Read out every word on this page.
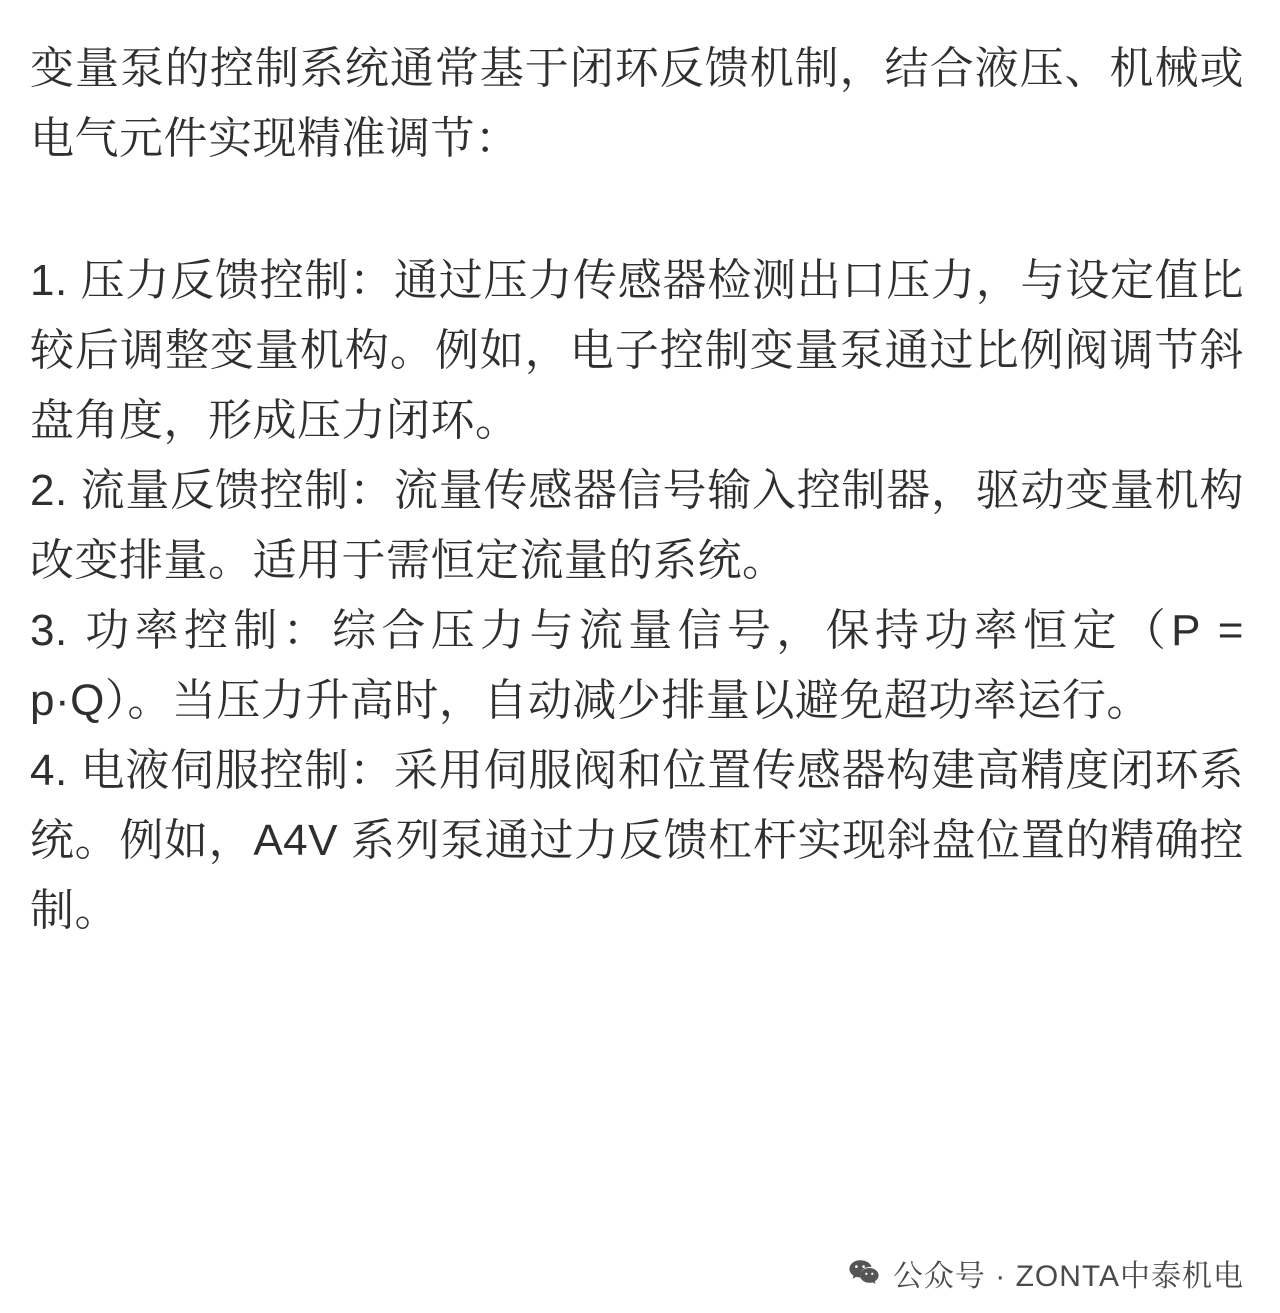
变量泵的控制系统通常基于闭环反馈机制，结合液压、机械或电气元件实现精准调节：

1. 压力反馈控制：通过压力传感器检测出口压力，与设定值比较后调整变量机构。例如，电子控制变量泵通过比例阀调节斜盘角度，形成压力闭环。

2. 流量反馈控制：流量传感器信号输入控制器，驱动变量机构改变排量。适用于需恒定流量的系统。

3. 功率控制：综合压力与流量信号，保持功率恒定（P = p·Q）。当压力升高时，自动减少排量以避免超功率运行。

4. 电液伺服控制：采用伺服阀和位置传感器构建高精度闭环系统。例如，A4V 系列泵通过力反馈杠杆实现斜盘位置的精确控制。

公众号 · ZONTA中泰机电
